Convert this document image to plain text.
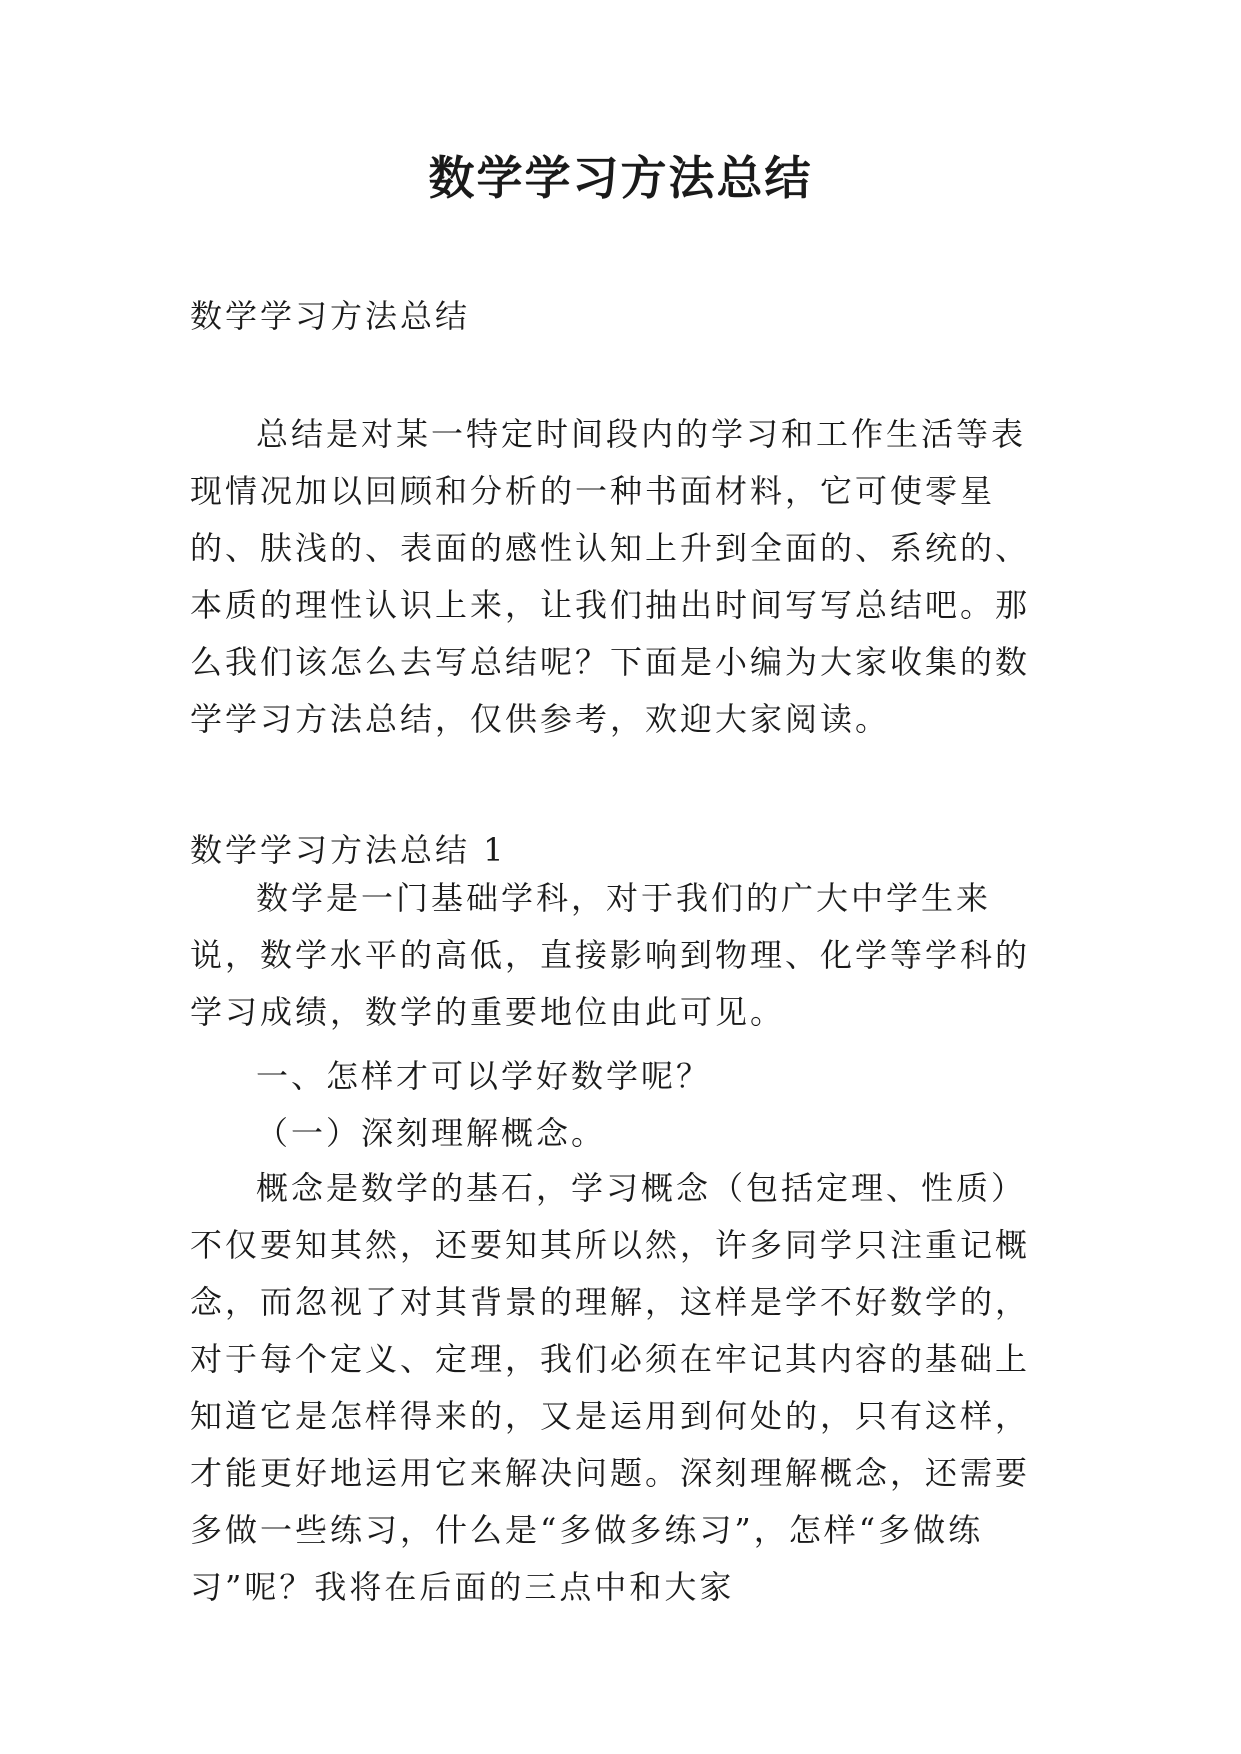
数学学习方法总结

数学学习方法总结

总结是对某一特定时间段内的学习和工作生活等表现情况加以回顾和分析的一种书面材料，它可使零星的、肤浅的、表面的感性认知上升到全面的、系统的、本质的理性认识上来，让我们抽出时间写写总结吧。那么我们该怎么去写总结呢？下面是小编为大家收集的数学学习方法总结，仅供参考，欢迎大家阅读。

数学学习方法总结 1

数学是一门基础学科，对于我们的广大中学生来说，数学水平的高低，直接影响到物理、化学等学科的学习成绩，数学的重要地位由此可见。

一、怎样才可以学好数学呢？

（一）深刻理解概念。

概念是数学的基石，学习概念（包括定理、性质）不仅要知其然，还要知其所以然，许多同学只注重记概念，而忽视了对其背景的理解，这样是学不好数学的，对于每个定义、定理，我们必须在牢记其内容的基础上知道它是怎样得来的，又是运用到何处的，只有这样，才能更好地运用它来解决问题。深刻理解概念，还需要多做一些练习，什么是“多做多练习”，怎样“多做练习”呢？我将在后面的三点中和大家
